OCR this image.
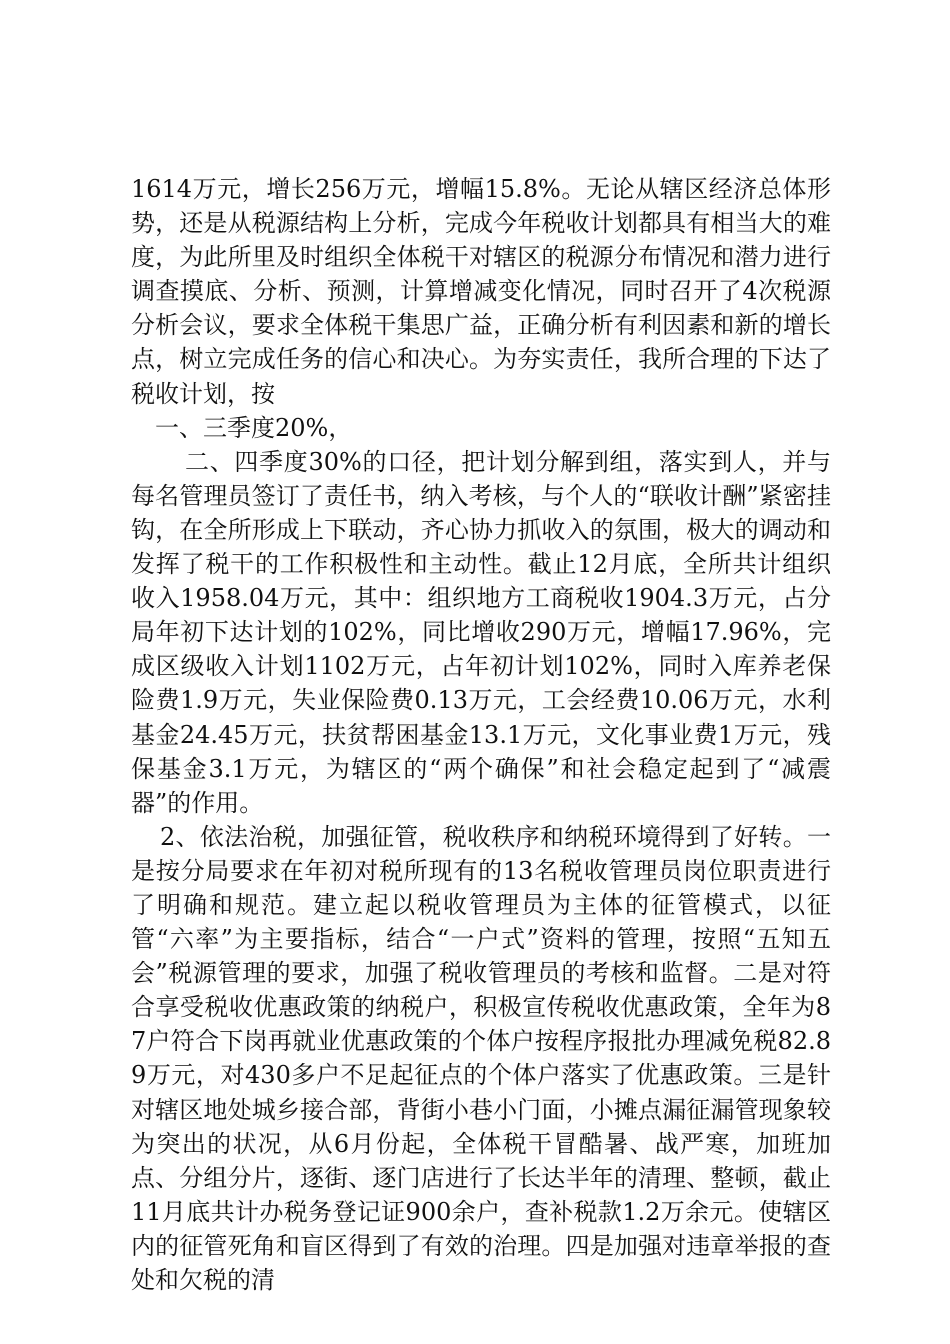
1614万元，增长256万元，增幅15.8%。无论从辖区经济总体形势，还是从税源结构上分析，完成今年税收计划都具有相当大的难度，为此所里及时组织全体税干对辖区的税源分布情况和潜力进行调查摸底、分析、预测，计算增减变化情况，同时召开了4次税源分析会议，要求全体税干集思广益，正确分析有利因素和新的增长点，树立完成任务的信心和决心。为夯实责任，我所合理的下达了税收计划，按

一、三季度20%，

二、四季度30%的口径，把计划分解到组，落实到人，并与每名管理员签订了责任书，纳入考核，与个人的“联收计酬”紧密挂钩，在全所形成上下联动，齐心协力抓收入的氛围，极大的调动和发挥了税干的工作积极性和主动性。截止12月底，全所共计组织收入1958.04万元，其中：组织地方工商税收1904.3万元，占分局年初下达计划的102%，同比增收290万元，增幅17.96%，完成区级收入计划1102万元，占年初计划102%，同时入库养老保险费1.9万元，失业保险费0.13万元，工会经费10.06万元，水利基金24.45万元，扶贫帮困基金13.1万元，文化事业费1万元，残保基金3.1万元，为辖区的“两个确保”和社会稳定起到了“减震器”的作用。

2、依法治税，加强征管，税收秩序和纳税环境得到了好转。一是按分局要求在年初对税所现有的13名税收管理员岗位职责进行了明确和规范。建立起以税收管理员为主体的征管模式，以征管“六率”为主要指标，结合“一户式”资料的管理，按照“五知五会”税源管理的要求，加强了税收管理员的考核和监督。二是对符合享受税收优惠政策的纳税户，积极宣传税收优惠政策，全年为87户符合下岗再就业优惠政策的个体户按程序报批办理减免税82.89万元，对430多户不足起征点的个体户落实了优惠政策。三是针对辖区地处城乡接合部，背街小巷小门面，小摊点漏征漏管现象较为突出的状况，从6月份起，全体税干冒酷暑、战严寒，加班加点、分组分片，逐街、逐门店进行了长达半年的清理、整顿，截止11月底共计办税务登记证900余户，查补税款1.2万余元。使辖区内的征管死角和盲区得到了有效的治理。四是加强对违章举报的查处和欠税的清
